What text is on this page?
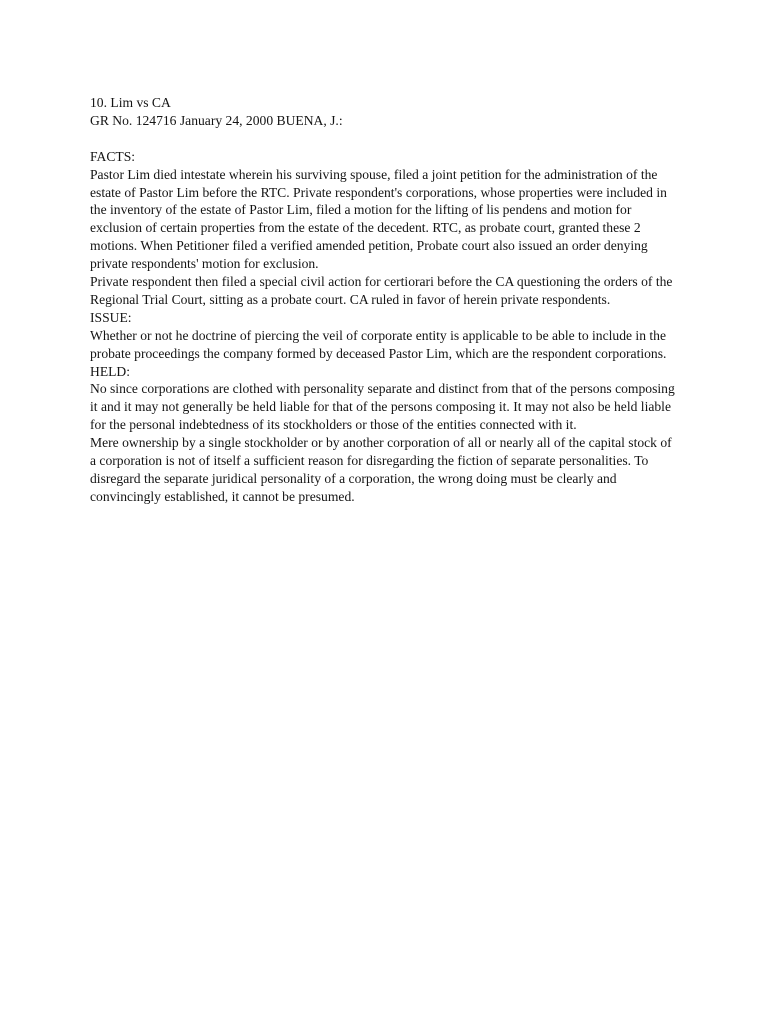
10. Lim vs CA
GR No. 124716 January 24, 2000 BUENA, J.:
FACTS:
Pastor Lim died intestate wherein his surviving spouse, filed a joint petition for the administration of the estate of Pastor Lim before the RTC. Private respondent's corporations, whose properties were included in the inventory of the estate of Pastor Lim, filed a motion for the lifting of lis pendens and motion for exclusion of certain properties from the estate of the decedent. RTC, as probate court, granted these 2 motions. When Petitioner filed a verified amended petition, Probate court also issued an order denying private respondents' motion for exclusion.
Private respondent then filed a special civil action for certiorari before the CA questioning the orders of the Regional Trial Court, sitting as a probate court. CA ruled in favor of herein private respondents.
ISSUE:
Whether or not he doctrine of piercing the veil of corporate entity is applicable to be able to include in the probate proceedings the company formed by deceased Pastor Lim, which are the respondent corporations.
HELD:
No since corporations are clothed with personality separate and distinct from that of the persons composing it and it may not generally be held liable for that of the persons composing it. It may not also be held liable for the personal indebtedness of its stockholders or those of the entities connected with it.
Mere ownership by a single stockholder or by another corporation of all or nearly all of the capital stock of a corporation is not of itself a sufficient reason for disregarding the fiction of separate personalities. To disregard the separate juridical personality of a corporation, the wrong doing must be clearly and convincingly established, it cannot be presumed.
